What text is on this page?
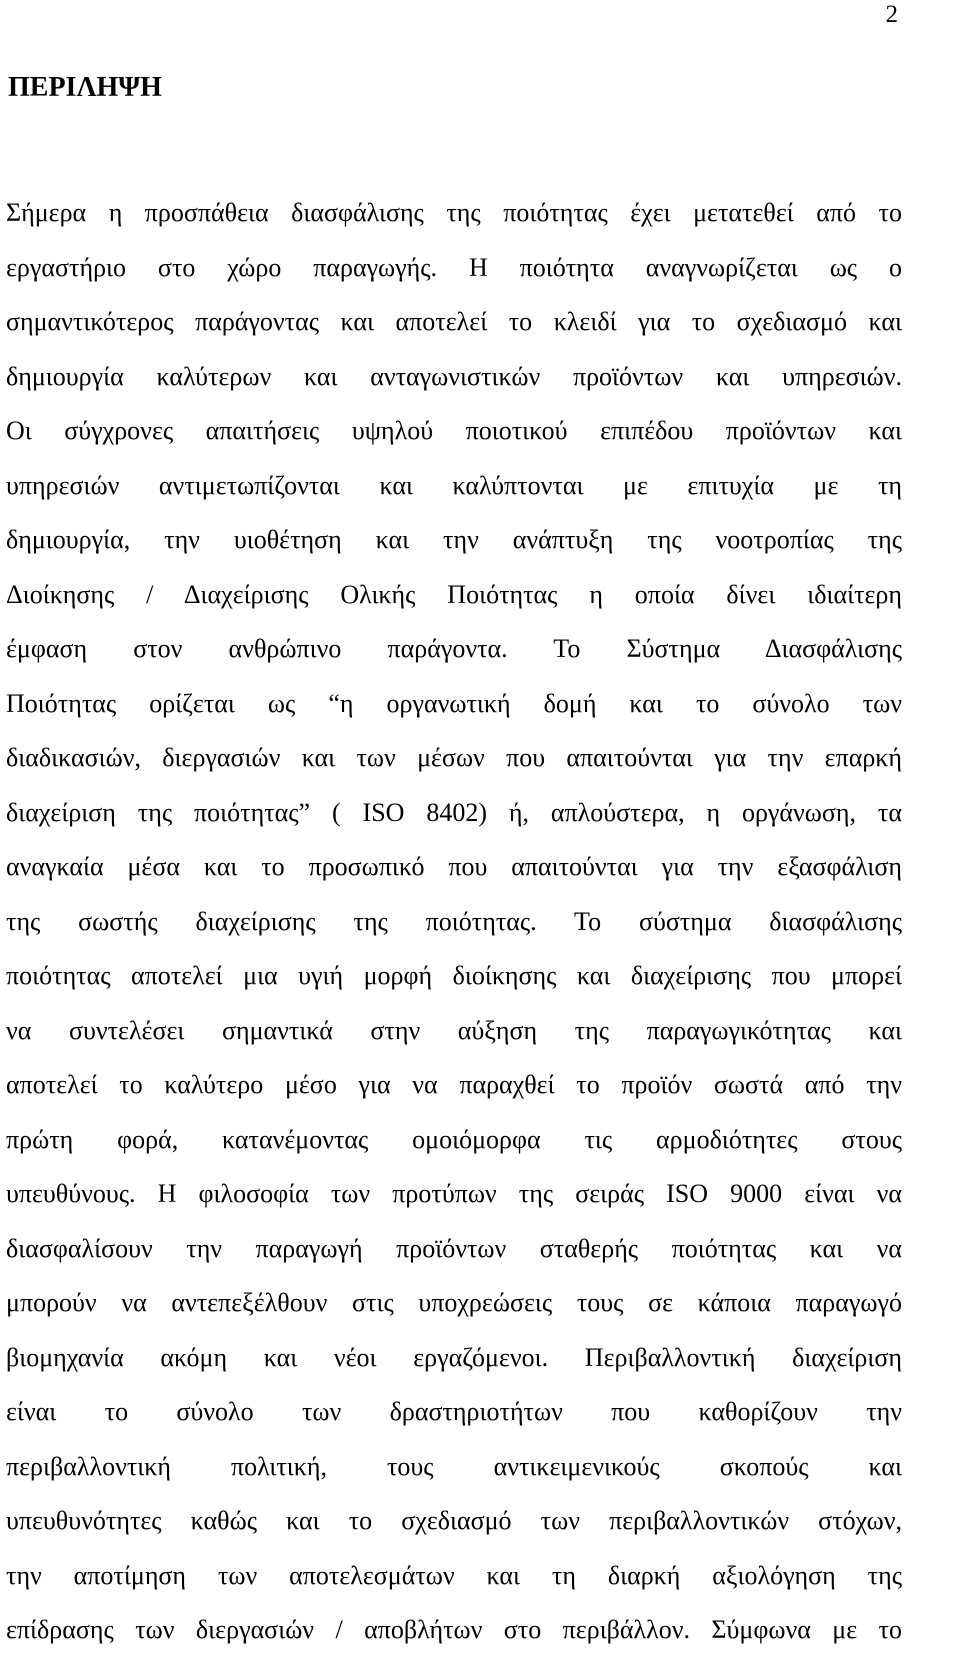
2
ΠΕΡΙΛΗΨΗ
Σήμερα η προσπάθεια διασφάλισης της ποιότητας έχει μετατεθεί από το
εργαστήριο στο χώρο παραγωγής. Η ποιότητα αναγνωρίζεται ως ο
σημαντικότερος παράγοντας και αποτελεί το κλειδί για το σχεδιασμό και
δημιουργία καλύτερων και ανταγωνιστικών προϊόντων και υπηρεσιών.
Οι σύγχρονες απαιτήσεις υψηλού ποιοτικού επιπέδου προϊόντων και
υπηρεσιών αντιμετωπίζονται και καλύπτονται με επιτυχία με τη
δημιουργία, την υιοθέτηση και την ανάπτυξη της νοοτροπίας της
Διοίκησης / Διαχείρισης Ολικής Ποιότητας η οποία δίνει ιδιαίτερη
έμφαση στον ανθρώπινο παράγοντα. Το Σύστημα Διασφάλισης
Ποιότητας ορίζεται ως “η οργανωτική δομή και το σύνολο των
διαδικασιών, διεργασιών και των μέσων που απαιτούνται για την επαρκή
διαχείριση της ποιότητας” ( ISO 8402) ή, απλούστερα, η οργάνωση, τα
αναγκαία μέσα και το προσωπικό που απαιτούνται για την εξασφάλιση
της σωστής διαχείρισης της ποιότητας. Το σύστημα διασφάλισης
ποιότητας αποτελεί μια υγιή μορφή διοίκησης και διαχείρισης που μπορεί
να συντελέσει σημαντικά στην αύξηση της παραγωγικότητας και
αποτελεί το καλύτερο μέσο για να παραχθεί το προϊόν σωστά από την
πρώτη φορά, κατανέμοντας ομοιόμορφα τις αρμοδιότητες στους
υπευθύνους. Η φιλοσοφία των προτύπων της σειράς ISO 9000 είναι να
διασφαλίσουν την παραγωγή προϊόντων σταθερής ποιότητας και να
μπορούν να αντεπεξέλθουν στις υποχρεώσεις τους σε κάποια παραγωγό
βιομηχανία ακόμη και νέοι εργαζόμενοι. Περιβαλλοντική διαχείριση
είναι το σύνολο των δραστηριοτήτων που καθορίζουν την
περιβαλλοντική πολιτική, τους αντικειμενικούς σκοπούς και
υπευθυνότητες καθώς και το σχεδιασμό των περιβαλλοντικών στόχων,
την αποτίμηση των αποτελεσμάτων και τη διαρκή αξιολόγηση της
επίδρασης των διεργασιών / αποβλήτων στο περιβάλλον. Σύμφωνα με το
